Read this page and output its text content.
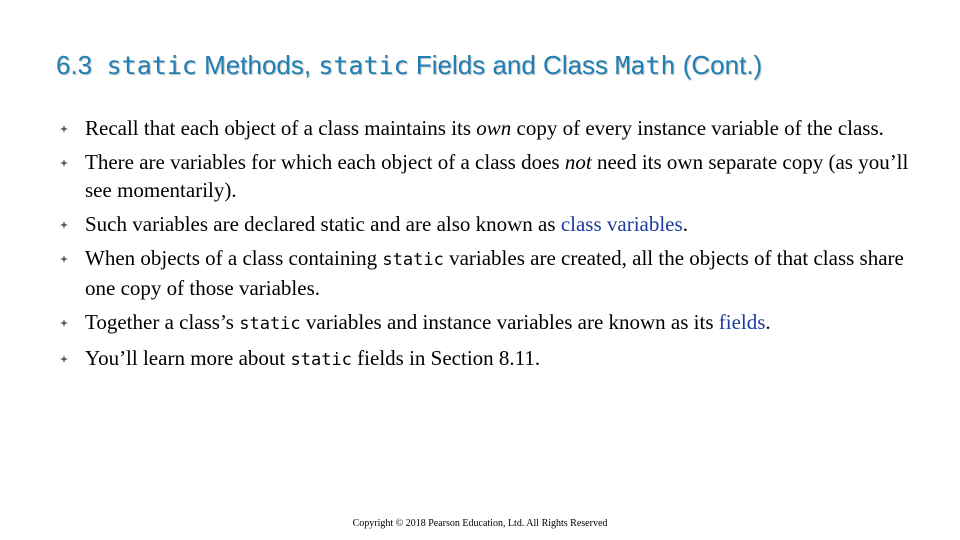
6.3 static Methods, static Fields and Class Math (Cont.)
Recall that each object of a class maintains its own copy of every instance variable of the class.
There are variables for which each object of a class does not need its own separate copy (as you’ll see momentarily).
Such variables are declared static and are also known as class variables.
When objects of a class containing static variables are created, all the objects of that class share one copy of those variables.
Together a class’s static variables and instance variables are known as its fields.
You’ll learn more about static fields in Section 8.11.
Copyright © 2018 Pearson Education, Ltd. All Rights Reserved
